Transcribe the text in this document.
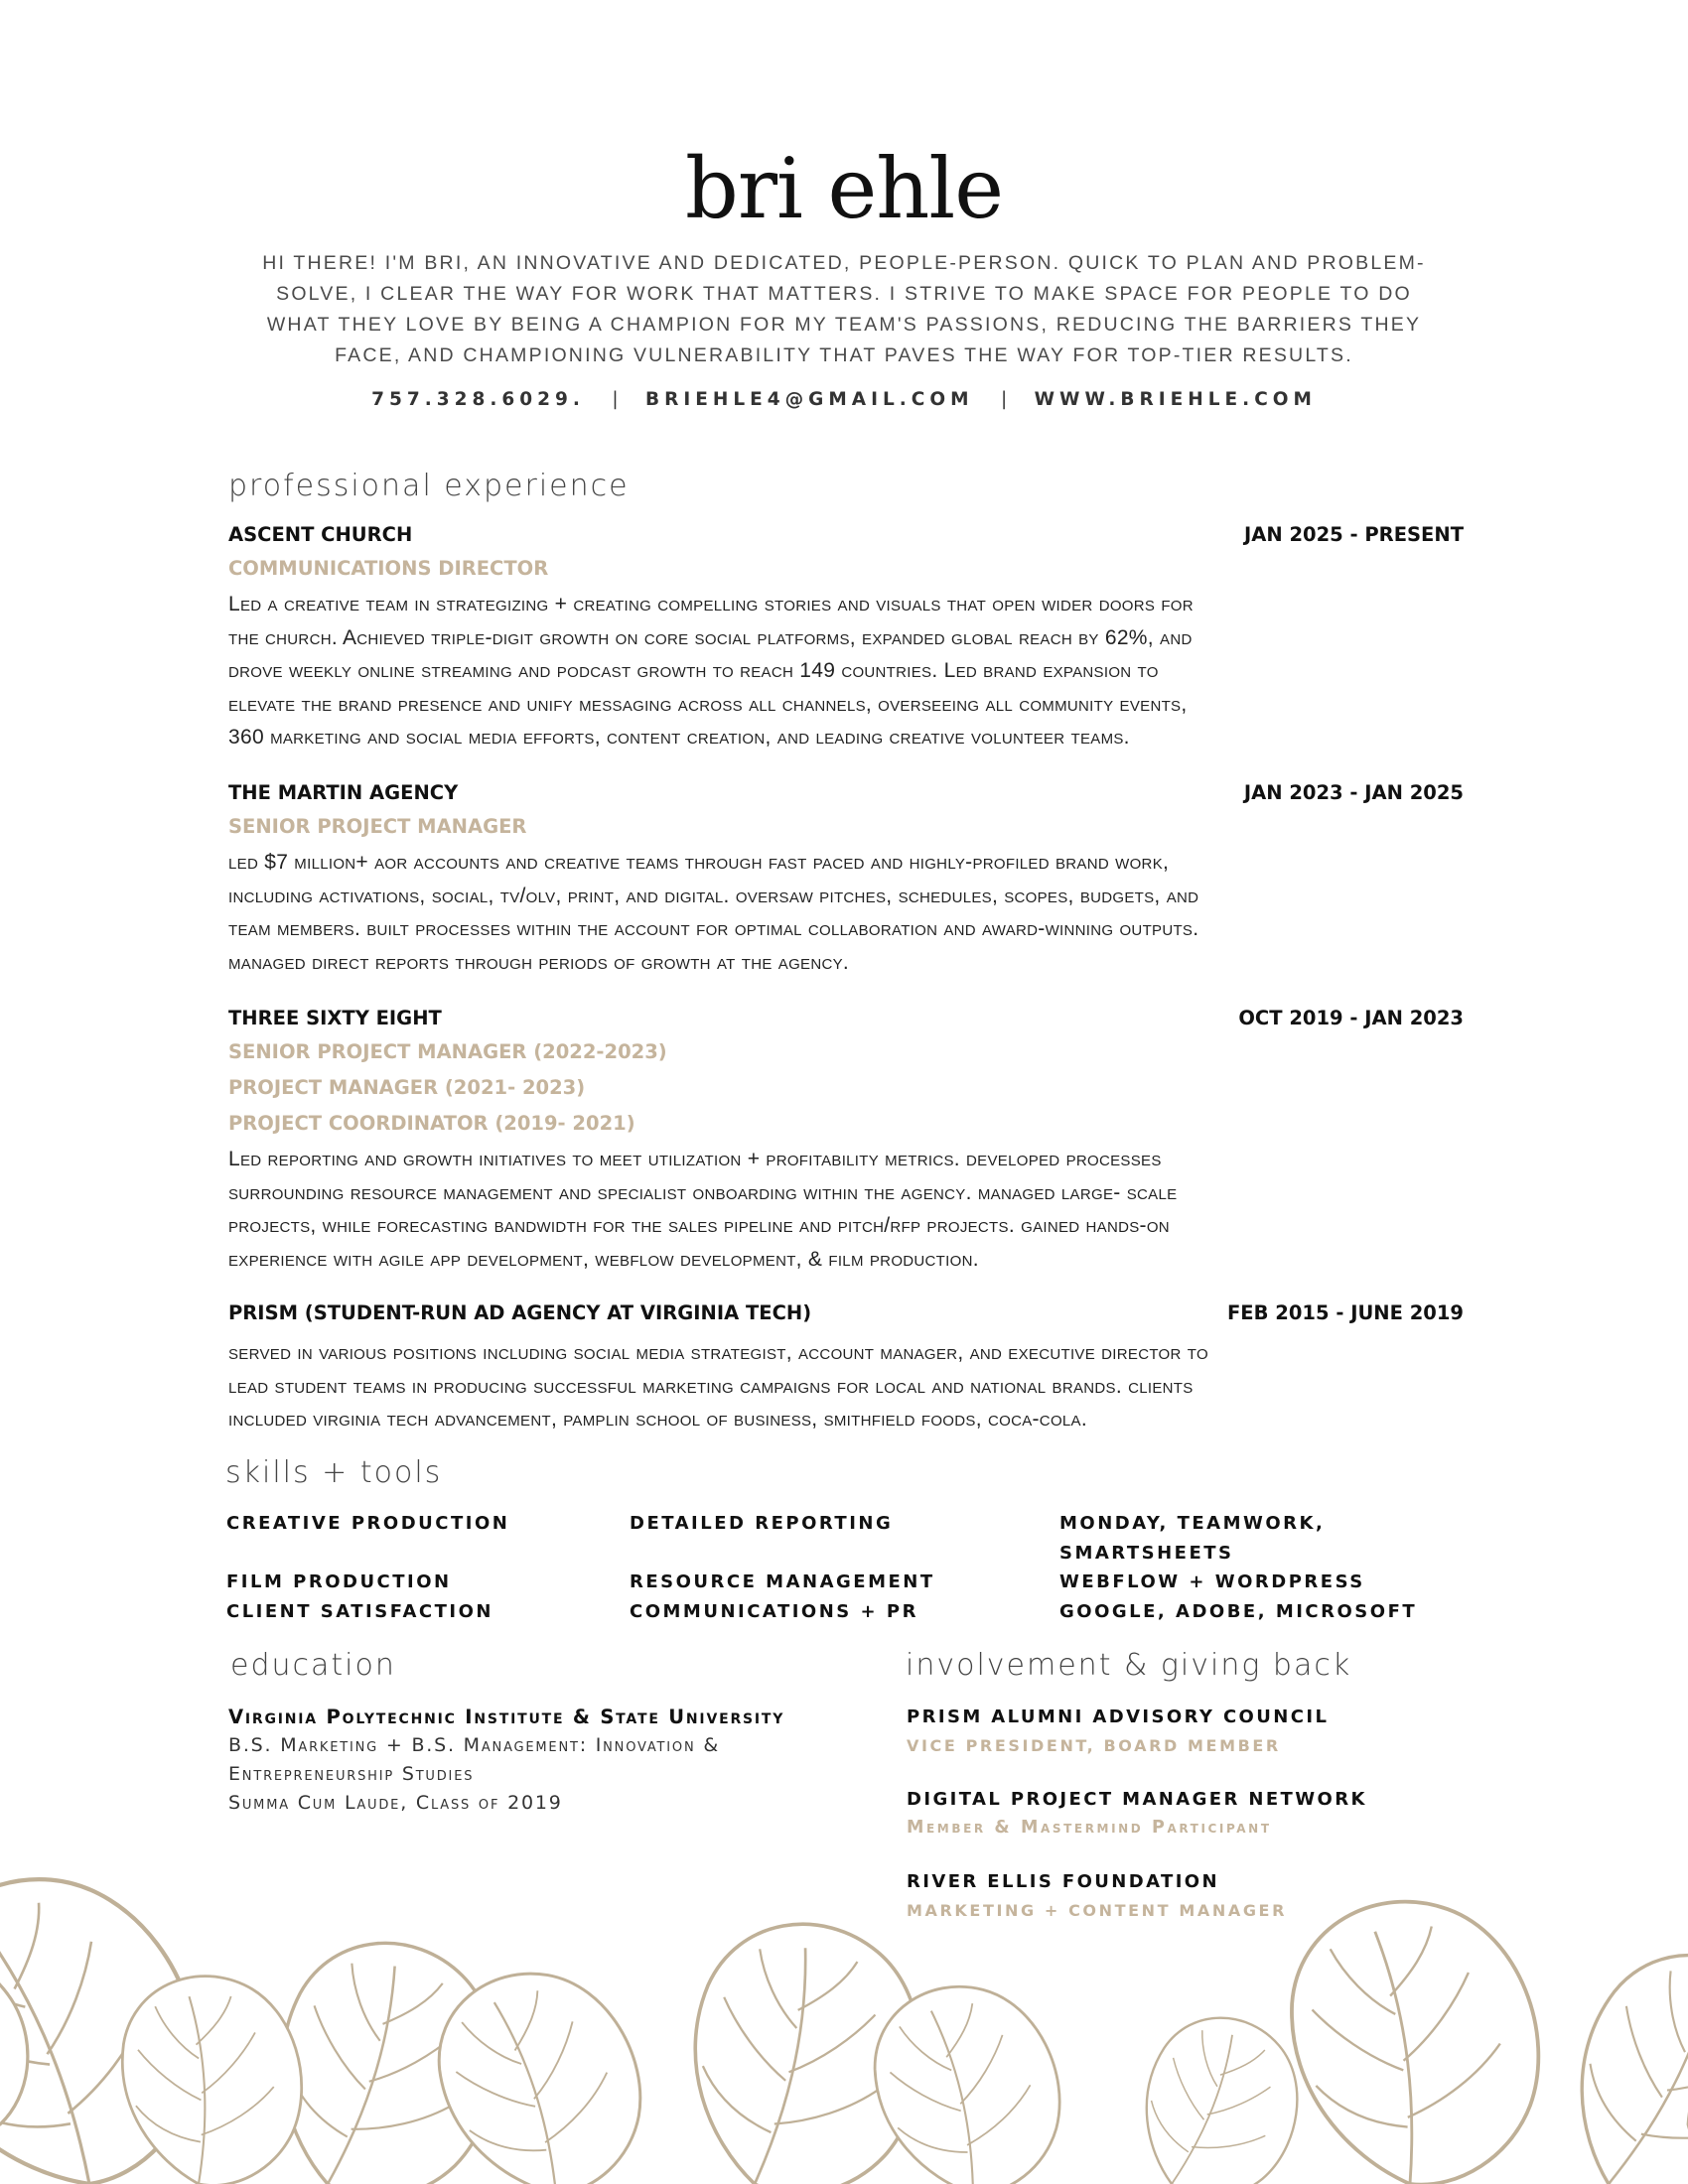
bri ehle
HI THERE! I'M BRI, AN INNOVATIVE AND DEDICATED, PEOPLE-PERSON. QUICK TO PLAN AND PROBLEM-SOLVE, I CLEAR THE WAY FOR WORK THAT MATTERS. I STRIVE TO MAKE SPACE FOR PEOPLE TO DO WHAT THEY LOVE BY BEING A CHAMPION FOR MY TEAM'S PASSIONS, REDUCING THE BARRIERS THEY FACE, AND CHAMPIONING VULNERABILITY THAT PAVES THE WAY FOR TOP-TIER RESULTS.
757.328.6029. | BRIEHLE4@GMAIL.COM | WWW.BRIEHLE.COM
professional experience
ASCENT CHURCH	JAN 2025 - PRESENT
COMMUNICATIONS DIRECTOR
Led a creative team in strategizing + creating compelling stories and visuals that open wider doors for
the church. Achieved triple-digit growth on core social platforms, expanded global reach by 62%, and
drove weekly online streaming and podcast growth to reach 149 countries. Led brand expansion to
elevate the brand presence and unify messaging across all channels, overseeing all community events,
360 marketing and social media efforts, content creation, and leading creative volunteer teams.
THE MARTIN AGENCY	JAN 2023 - JAN 2025
SENIOR PROJECT MANAGER
led $7 million+ aor accounts and creative teams through fast paced and highly-profiled brand work,
including activations, social, tv/olv, print, and digital. oversaw pitches, schedules, scopes, budgets, and
team members. built processes within the account for optimal collaboration and award-winning outputs.
managed direct reports through periods of growth at the agency.
THREE SIXTY EIGHT	OCT 2019 - JAN 2023
SENIOR PROJECT MANAGER (2022-2023)
PROJECT MANAGER (2021- 2023)
PROJECT COORDINATOR (2019- 2021)
Led reporting and growth initiatives to meet utilization + profitability metrics. developed processes
surrounding resource management and specialist onboarding within the agency. managed large- scale
projects, while forecasting bandwidth for the sales pipeline and pitch/rfp projects. gained hands-on
experience with agile app development, webflow development, & film production.
PRISM (STUDENT-RUN AD AGENCY AT VIRGINIA TECH)	FEB 2015 - JUNE 2019
served in various positions including social media strategist, account manager, and executive director to
lead student teams in producing successful marketing campaigns for local and national brands. clients
included virginia tech advancement, pamplin school of business, smithfield foods, coca-cola.
skills + tools
CREATIVE PRODUCTION	DETAILED REPORTING	MONDAY, TEAMWORK, SMARTSHEETS
FILM PRODUCTION	RESOURCE MANAGEMENT	WEBFLOW + WORDPRESS
CLIENT SATISFACTION	COMMUNICATIONS + PR	GOOGLE, ADOBE, MICROSOFT
education
Virginia Polytechnic Institute & State University
B.S. Marketing + B.S. Management: Innovation &
Entrepreneurship Studies
Summa Cum Laude, Class of 2019
involvement & giving back
PRISM ALUMNI ADVISORY COUNCIL
VICE PRESIDENT, BOARD MEMBER
DIGITAL PROJECT MANAGER NETWORK
Member & Mastermind Participant
RIVER ELLIS FOUNDATION
MARKETING + CONTENT MANAGER
